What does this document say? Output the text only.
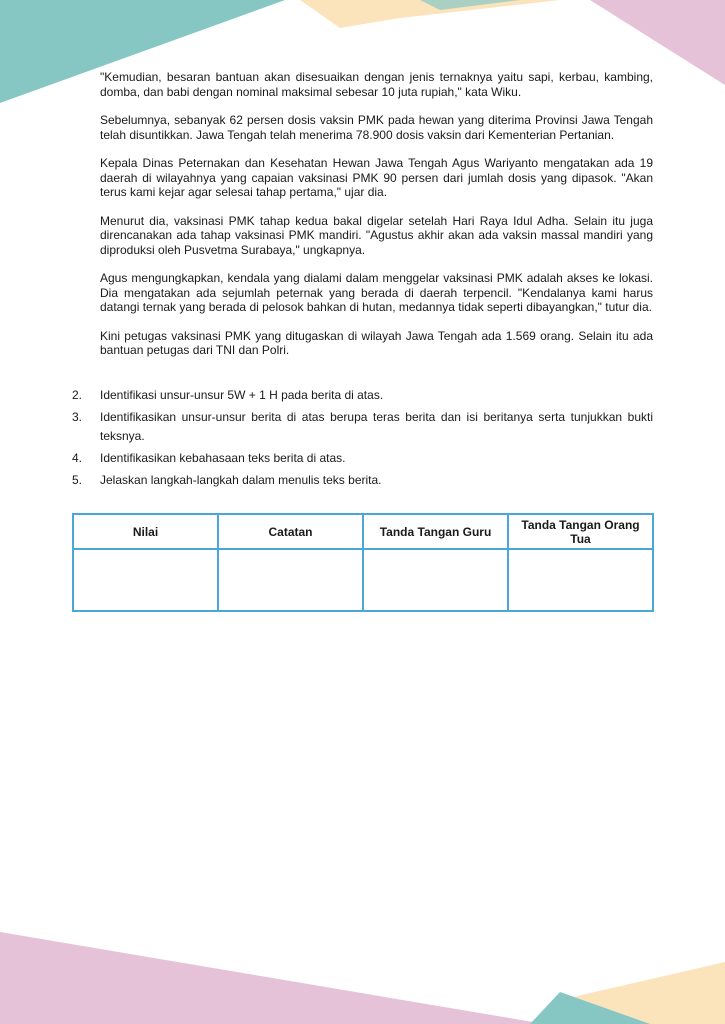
"Kemudian, besaran bantuan akan disesuaikan dengan jenis ternaknya yaitu sapi, kerbau, kambing, domba, dan babi dengan nominal maksimal sebesar 10 juta rupiah," kata Wiku.

Sebelumnya, sebanyak 62 persen dosis vaksin PMK pada hewan yang diterima Provinsi Jawa Tengah telah disuntikkan. Jawa Tengah telah menerima 78.900 dosis vaksin dari Kementerian Pertanian.

Kepala Dinas Peternakan dan Kesehatan Hewan Jawa Tengah Agus Wariyanto mengatakan ada 19 daerah di wilayahnya yang capaian vaksinasi PMK 90 persen dari jumlah dosis yang dipasok. "Akan terus kami kejar agar selesai tahap pertama," ujar dia.

Menurut dia, vaksinasi PMK tahap kedua bakal digelar setelah Hari Raya Idul Adha. Selain itu juga direncanakan ada tahap vaksinasi PMK mandiri. "Agustus akhir akan ada vaksin massal mandiri yang diproduksi oleh Pusvetma Surabaya," ungkapnya.

Agus mengungkapkan, kendala yang dialami dalam menggelar vaksinasi PMK adalah akses ke lokasi. Dia mengatakan ada sejumlah peternak yang berada di daerah terpencil. "Kendalanya kami harus datangi ternak yang berada di pelosok bahkan di hutan, medannya tidak seperti dibayangkan," tutur dia.

Kini petugas vaksinasi PMK yang ditugaskan di wilayah Jawa Tengah ada 1.569 orang. Selain itu ada bantuan petugas dari TNI dan Polri.

2.	Identifikasi unsur-unsur 5W + 1 H pada berita di atas.
3.	Identifikasikan unsur-unsur berita di atas berupa teras berita dan isi beritanya serta tunjukkan bukti teksnya.
4.	Identifikasikan kebahasaan teks berita di atas.
5.	Jelaskan langkah-langkah dalam menulis teks berita.
Nilai	Catatan	Tanda Tangan Guru	Tanda Tangan Orang Tua
